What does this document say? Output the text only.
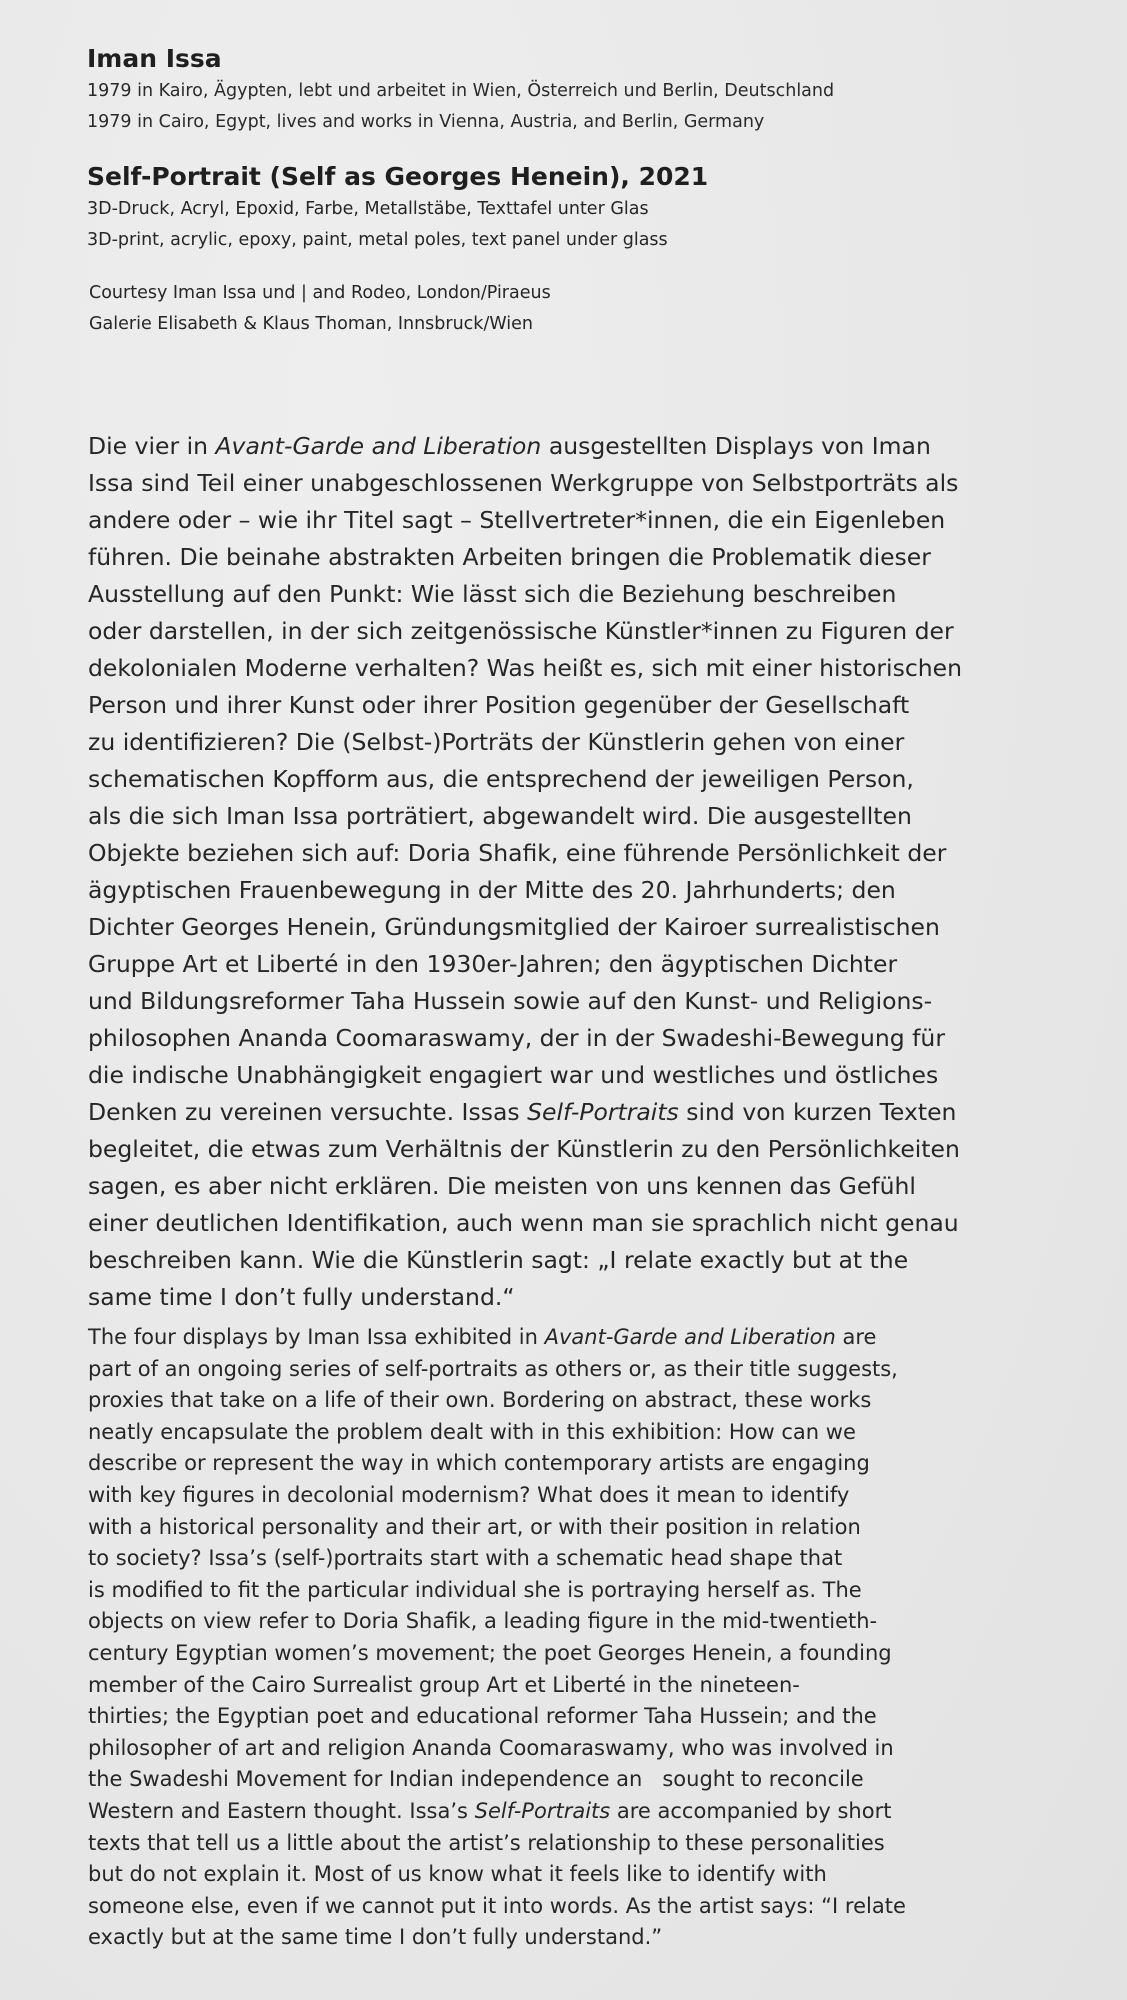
Iman Issa

1979 in Kairo, Ägypten, lebt und arbeitet in Wien, Österreich und Berlin, Deutschland

1979 in Cairo, Egypt, lives and works in Vienna, Austria, and Berlin, Germany

Self-Portrait (Self as Georges Henein), 2021

3D-Druck, Acryl, Epoxid, Farbe, Metallstäbe, Texttafel unter Glas

3D-print, acrylic, epoxy, paint, metal poles, text panel under glass

Courtesy Iman Issa und | and Rodeo, London/Piraeus
Galerie Elisabeth & Klaus Thoman, Innsbruck/Wien

Die vier in Avant-Garde and Liberation ausgestellten Displays von Iman
Issa sind Teil einer unabgeschlossenen Werkgruppe von Selbstporträts als
andere oder – wie ihr Titel sagt – Stellvertreter*innen, die ein Eigenleben
führen. Die beinahe abstrakten Arbeiten bringen die Problematik dieser
Ausstellung auf den Punkt: Wie lässt sich die Beziehung beschreiben
oder darstellen, in der sich zeitgenössische Künstler*innen zu Figuren der
dekolonialen Moderne verhalten? Was heißt es, sich mit einer historischen
Person und ihrer Kunst oder ihrer Position gegenüber der Gesellschaft
zu identifizieren? Die (Selbst-)Porträts der Künstlerin gehen von einer
schematischen Kopfform aus, die entsprechend der jeweiligen Person,
als die sich Iman Issa porträtiert, abgewandelt wird. Die ausgestellten
Objekte beziehen sich auf: Doria Shafik, eine führende Persönlichkeit der
ägyptischen Frauenbewegung in der Mitte des 20. Jahrhunderts; den
Dichter Georges Henein, Gründungsmitglied der Kairoer surrealistischen
Gruppe Art et Liberté in den 1930er-Jahren; den ägyptischen Dichter
und Bildungsreformer Taha Hussein sowie auf den Kunst- und Religions-
philosophen Ananda Coomaraswamy, der in der Swadeshi-Bewegung für
die indische Unabhängigkeit engagiert war und westliches und östliches
Denken zu vereinen versuchte. Issas Self-Portraits sind von kurzen Texten
begleitet, die etwas zum Verhältnis der Künstlerin zu den Persönlichkeiten
sagen, es aber nicht erklären. Die meisten von uns kennen das Gefühl
einer deutlichen Identifikation, auch wenn man sie sprachlich nicht genau
beschreiben kann. Wie die Künstlerin sagt: „I relate exactly but at the
same time I don’t fully understand.“

The four displays by Iman Issa exhibited in Avant-Garde and Liberation are
part of an ongoing series of self-portraits as others or, as their title suggests,
proxies that take on a life of their own. Bordering on abstract, these works
neatly encapsulate the problem dealt with in this exhibition: How can we
describe or represent the way in which contemporary artists are engaging
with key figures in decolonial modernism? What does it mean to identify
with a historical personality and their art, or with their position in relation
to society? Issa’s (self-)portraits start with a schematic head shape that
is modified to fit the particular individual she is portraying herself as. The
objects on view refer to Doria Shafik, a leading figure in the mid-twentieth-
century Egyptian women’s movement; the poet Georges Henein, a founding
member of the Cairo Surrealist group Art et Liberté in the nineteen-
thirties; the Egyptian poet and educational reformer Taha Hussein; and the
philosopher of art and religion Ananda Coomaraswamy, who was involved in
the Swadeshi Movement for Indian independence an   sought to reconcile
Western and Eastern thought. Issa’s Self-Portraits are accompanied by short
texts that tell us a little about the artist’s relationship to these personalities
but do not explain it. Most of us know what it feels like to identify with
someone else, even if we cannot put it into words. As the artist says: “I relate
exactly but at the same time I don’t fully understand.”
